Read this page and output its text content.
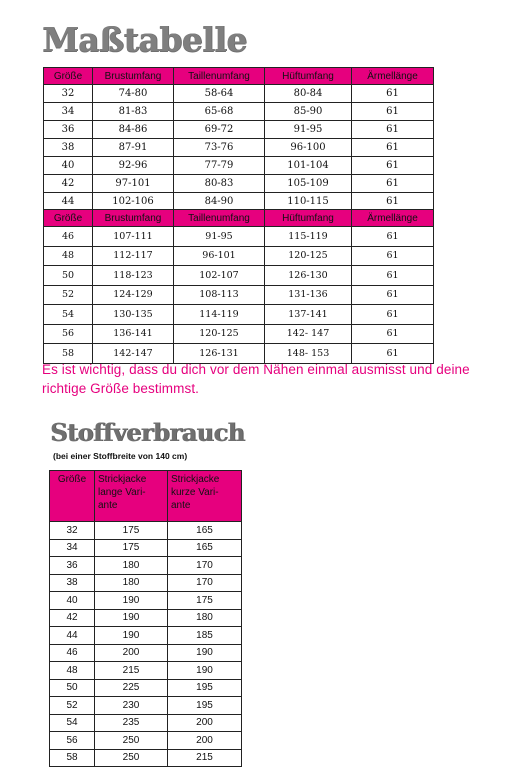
Maßtabelle
Größe	Brustumfang	Taillenumfang	Hüftumfang	Ärmellänge
32	74-80	58-64	80-84	61
34	81-83	65-68	85-90	61
36	84-86	69-72	91-95	61
38	87-91	73-76	96-100	61
40	92-96	77-79	101-104	61
42	97-101	80-83	105-109	61
44	102-106	84-90	110-115	61
Größe	Brustumfang	Taillenumfang	Hüftumfang	Ärmellänge
46	107-111	91-95	115-119	61
48	112-117	96-101	120-125	61
50	118-123	102-107	126-130	61
52	124-129	108-113	131-136	61
54	130-135	114-119	137-141	61
56	136-141	120-125	142- 147	61
58	142-147	126-131	148- 153	61
Es ist wichtig, dass du dich vor dem Nähen einmal ausmisst und deine richtige Größe bestimmst.
Stoffverbrauch
(bei einer Stoffbreite von 140 cm)
Größe	Strickjacke lange Vari-ante	Strickjacke kurze Vari-ante
32	175	165
34	175	165
36	180	170
38	180	170
40	190	175
42	190	180
44	190	185
46	200	190
48	215	190
50	225	195
52	230	195
54	235	200
56	250	200
58	250	215
